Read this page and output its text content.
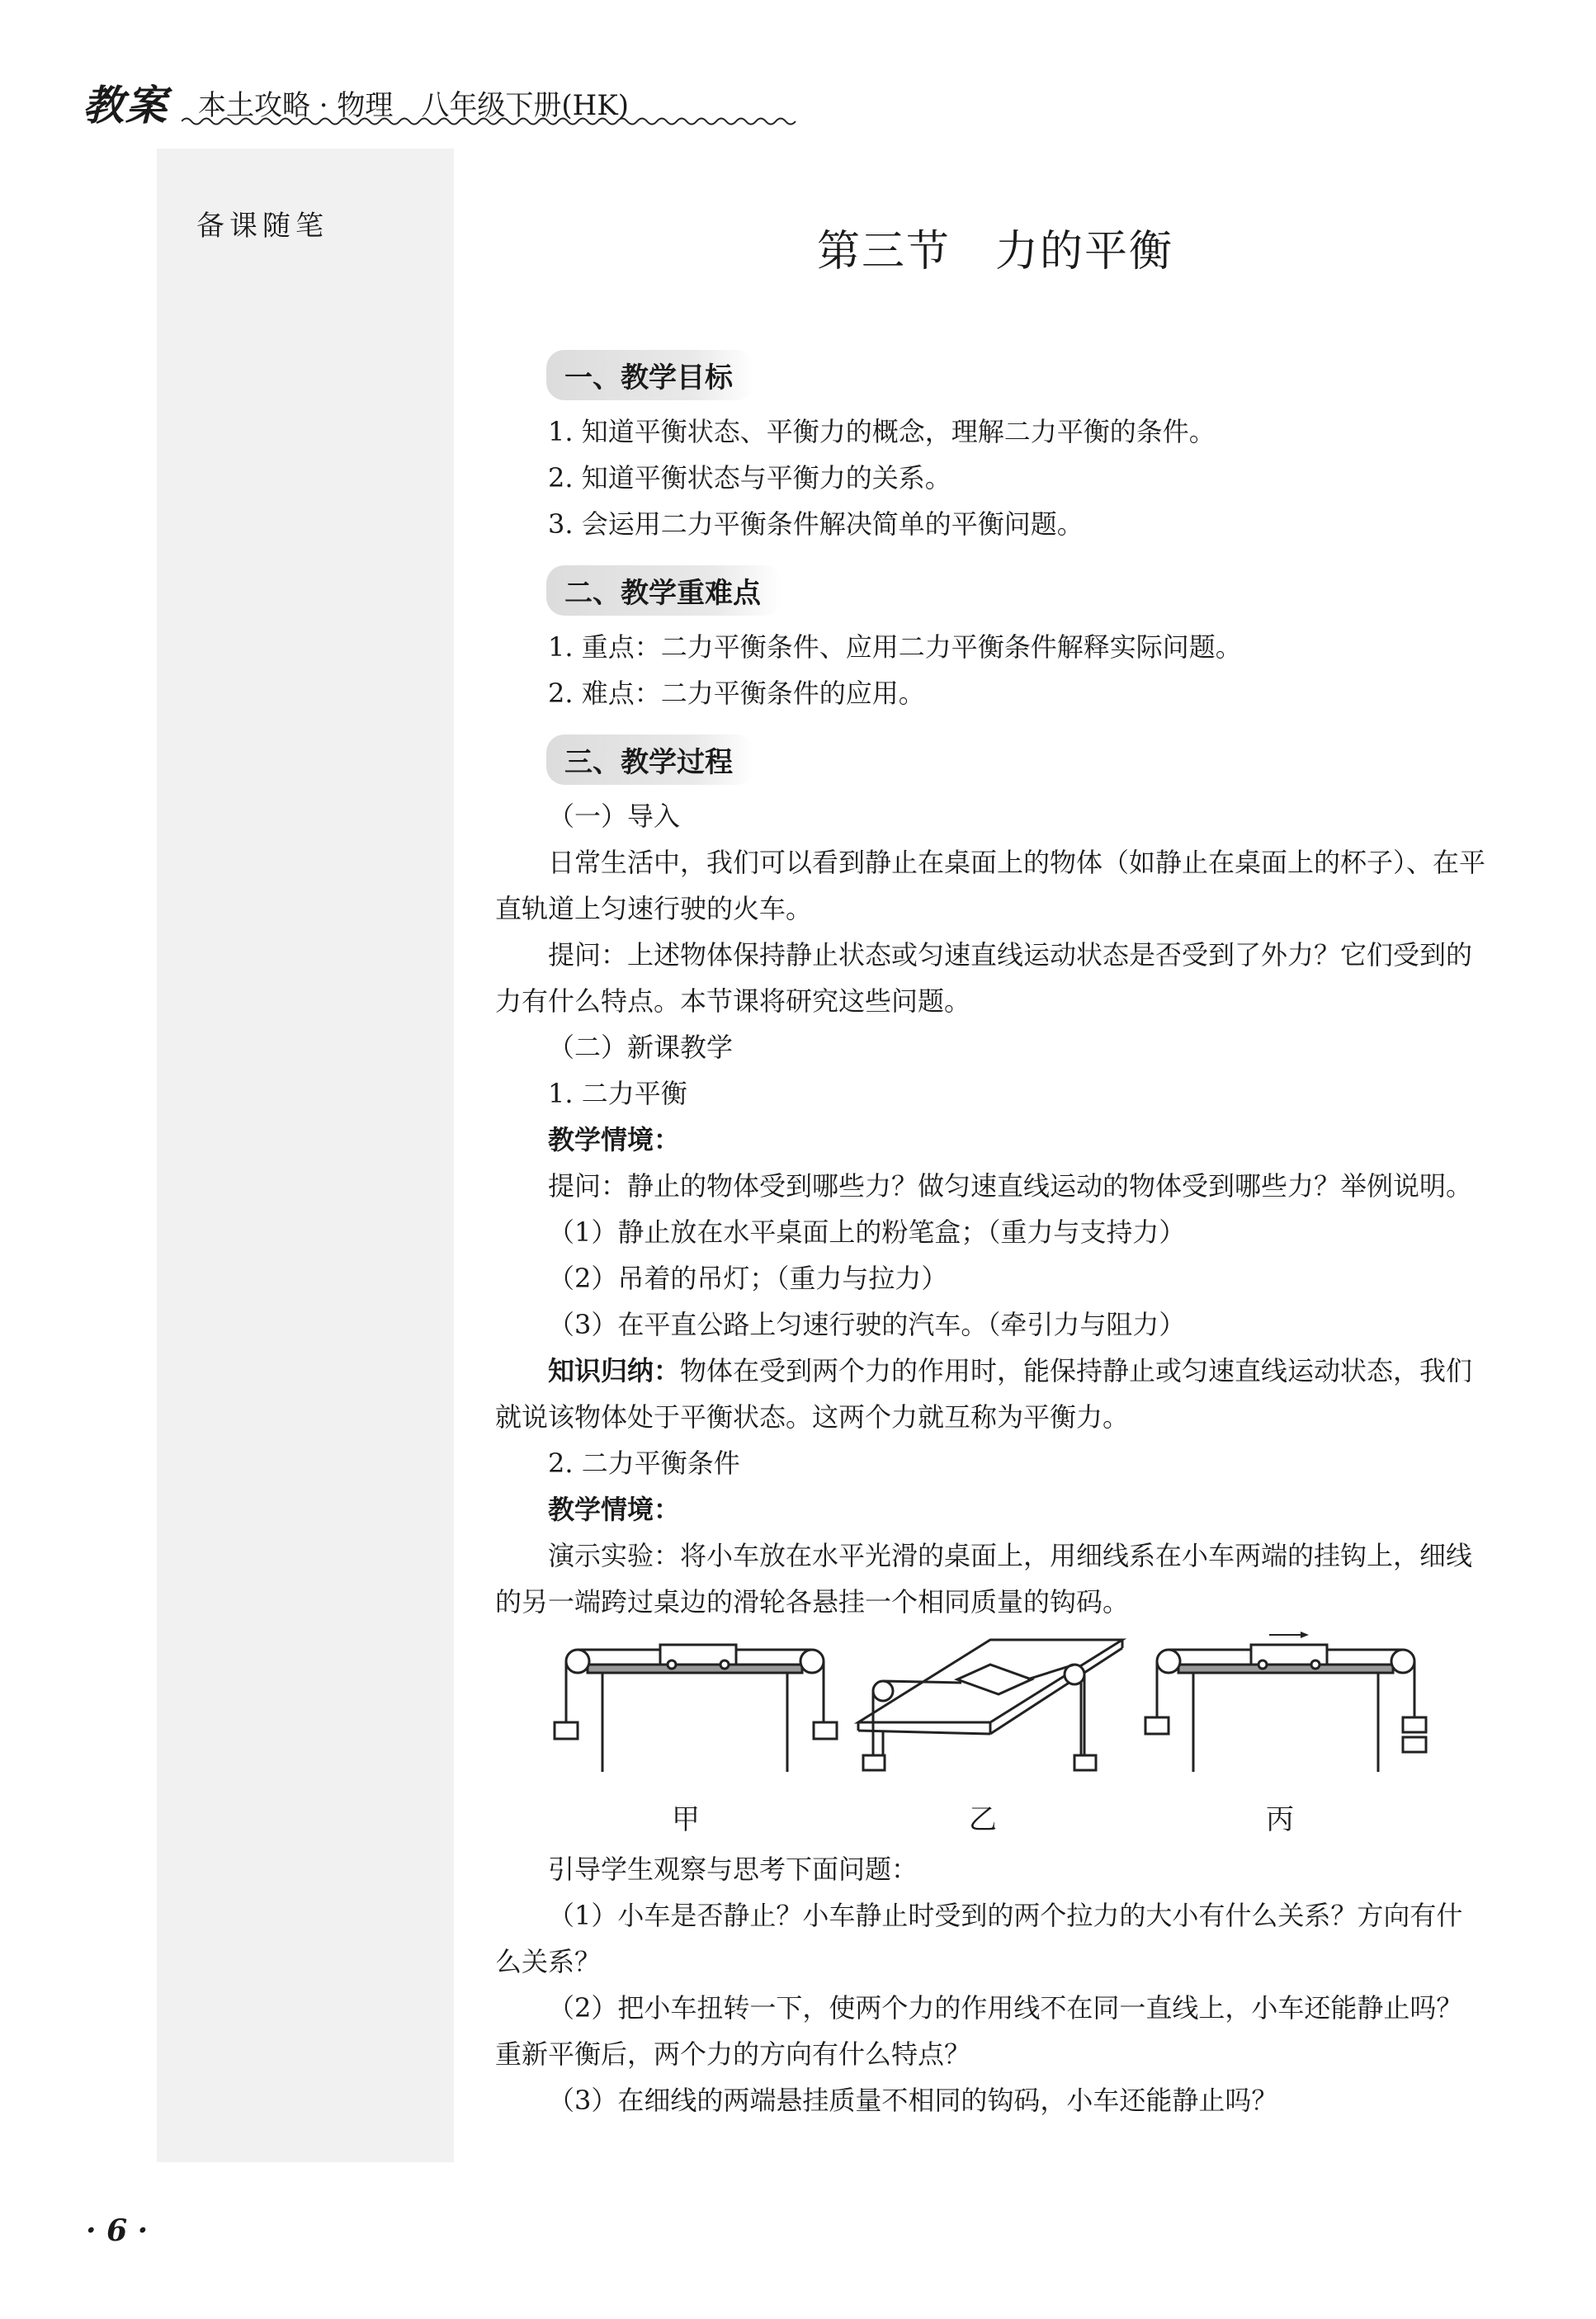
教案 本土攻略 · 物理　八年级下册(HK)
备课随笔
第三节　力的平衡
一、教学目标

1. 知道平衡状态、平衡力的概念，理解二力平衡的条件。

2. 知道平衡状态与平衡力的关系。

3. 会运用二力平衡条件解决简单的平衡问题。

二、教学重难点

1. 重点：二力平衡条件、应用二力平衡条件解释实际问题。

2. 难点：二力平衡条件的应用。

三、教学过程

（一）导入

日常生活中，我们可以看到静止在桌面上的物体（如静止在桌面上的杯子）、在平直轨道上匀速行驶的火车。

提问：上述物体保持静止状态或匀速直线运动状态是否受到了外力？它们受到的力有什么特点。本节课将研究这些问题。

（二）新课教学

1. 二力平衡

教学情境：

提问：静止的物体受到哪些力？做匀速直线运动的物体受到哪些力？举例说明。

（1）静止放在水平桌面上的粉笔盒；（重力与支持力）

（2）吊着的吊灯；（重力与拉力）

（3）在平直公路上匀速行驶的汽车。（牵引力与阻力）

知识归纳：物体在受到两个力的作用时，能保持静止或匀速直线运动状态，我们就说该物体处于平衡状态。这两个力就互称为平衡力。

2. 二力平衡条件

教学情境：

演示实验：将小车放在水平光滑的桌面上，用细线系在小车两端的挂钩上，细线的另一端跨过桌边的滑轮各悬挂一个相同质量的钩码。

甲	乙	丙

引导学生观察与思考下面问题：

（1）小车是否静止？小车静止时受到的两个拉力的大小有什么关系？方向有什么关系？

（2）把小车扭转一下，使两个力的作用线不在同一直线上，小车还能静止吗？重新平衡后，两个力的方向有什么特点？

（3）在细线的两端悬挂质量不相同的钩码，小车还能静止吗？

· 6 ·
